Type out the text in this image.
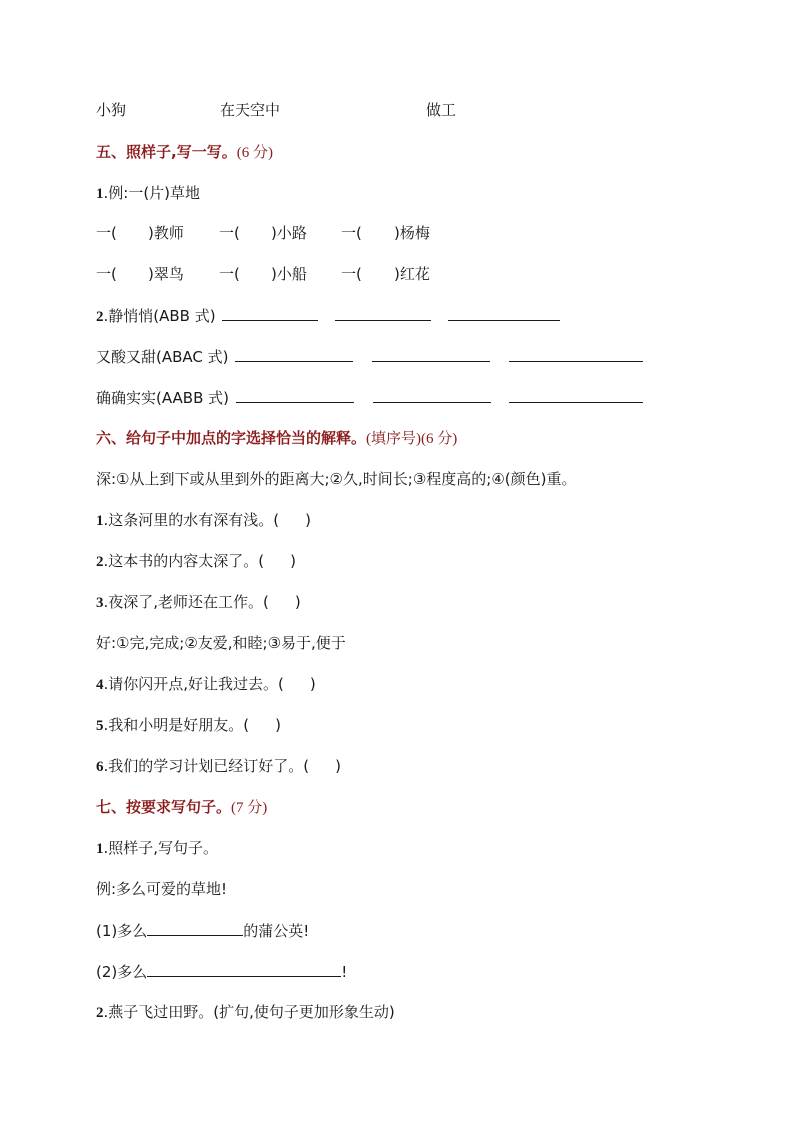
小狗	在天空中	做工
五、照样子,写一写。(6 分)
1.例:一(片)草地
一( )教师 一( )小路 一( )杨梅
一( )翠鸟 一( )小船 一( )红花
2.静悄悄(ABB 式)
又酸又甜(ABAC 式)
确确实实(AABB 式)
六、给句子中加点的字选择恰当的解释。(填序号)(6 分)
深:①从上到下或从里到外的距离大;②久,时间长;③程度高的;④(颜色)重。
1.这条河里的水有深有浅。( )
2.这本书的内容太深了。( )
3.夜深了,老师还在工作。( )
好:①完,完成;②友爱,和睦;③易于,便于
4.请你闪开点,好让我过去。( )
5.我和小明是好朋友。( )
6.我们的学习计划已经订好了。( )
七、按要求写句子。(7 分)
1.照样子,写句子。
例:多么可爱的草地!
(1)多么	的蒲公英!
(2)多么	!
2.燕子飞过田野。(扩句,使句子更加形象生动)
